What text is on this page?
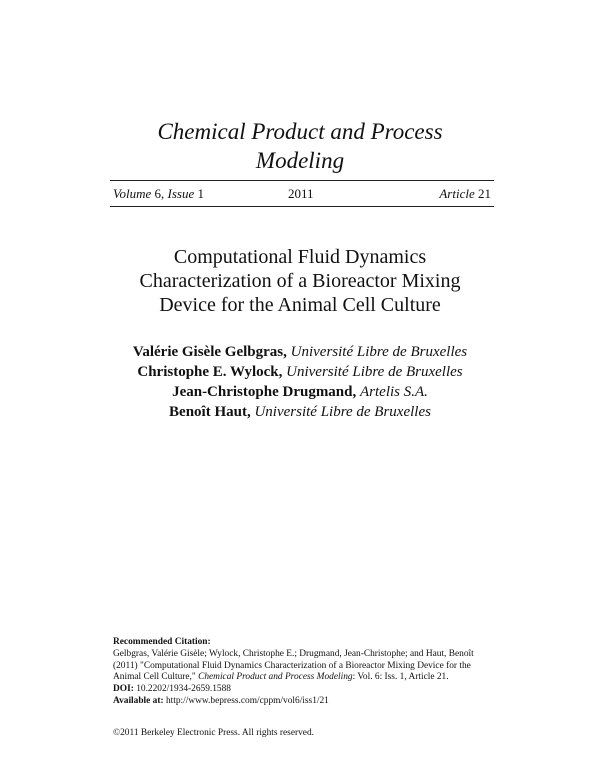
Chemical Product and Process
Modeling
Volume 6, Issue 1	2011	Article 21
Computational Fluid Dynamics
Characterization of a Bioreactor Mixing
Device for the Animal Cell Culture
Valérie Gisèle Gelbgras, Université Libre de Bruxelles
Christophe E. Wylock, Université Libre de Bruxelles
Jean-Christophe Drugmand, Artelis S.A.
Benoît Haut, Université Libre de Bruxelles

Recommended Citation:

Gelbgras, Valérie Gisèle; Wylock, Christophe E.; Drugmand, Jean-Christophe; and Haut, Benoît
(2011) "Computational Fluid Dynamics Characterization of a Bioreactor Mixing Device for the
Animal Cell Culture," Chemical Product and Process Modeling: Vol. 6: Iss. 1, Article 21.

DOI: 10.2202/1934-2659.1588

Available at: http://www.bepress.com/cppm/vol6/iss1/21

©2011 Berkeley Electronic Press. All rights reserved.
